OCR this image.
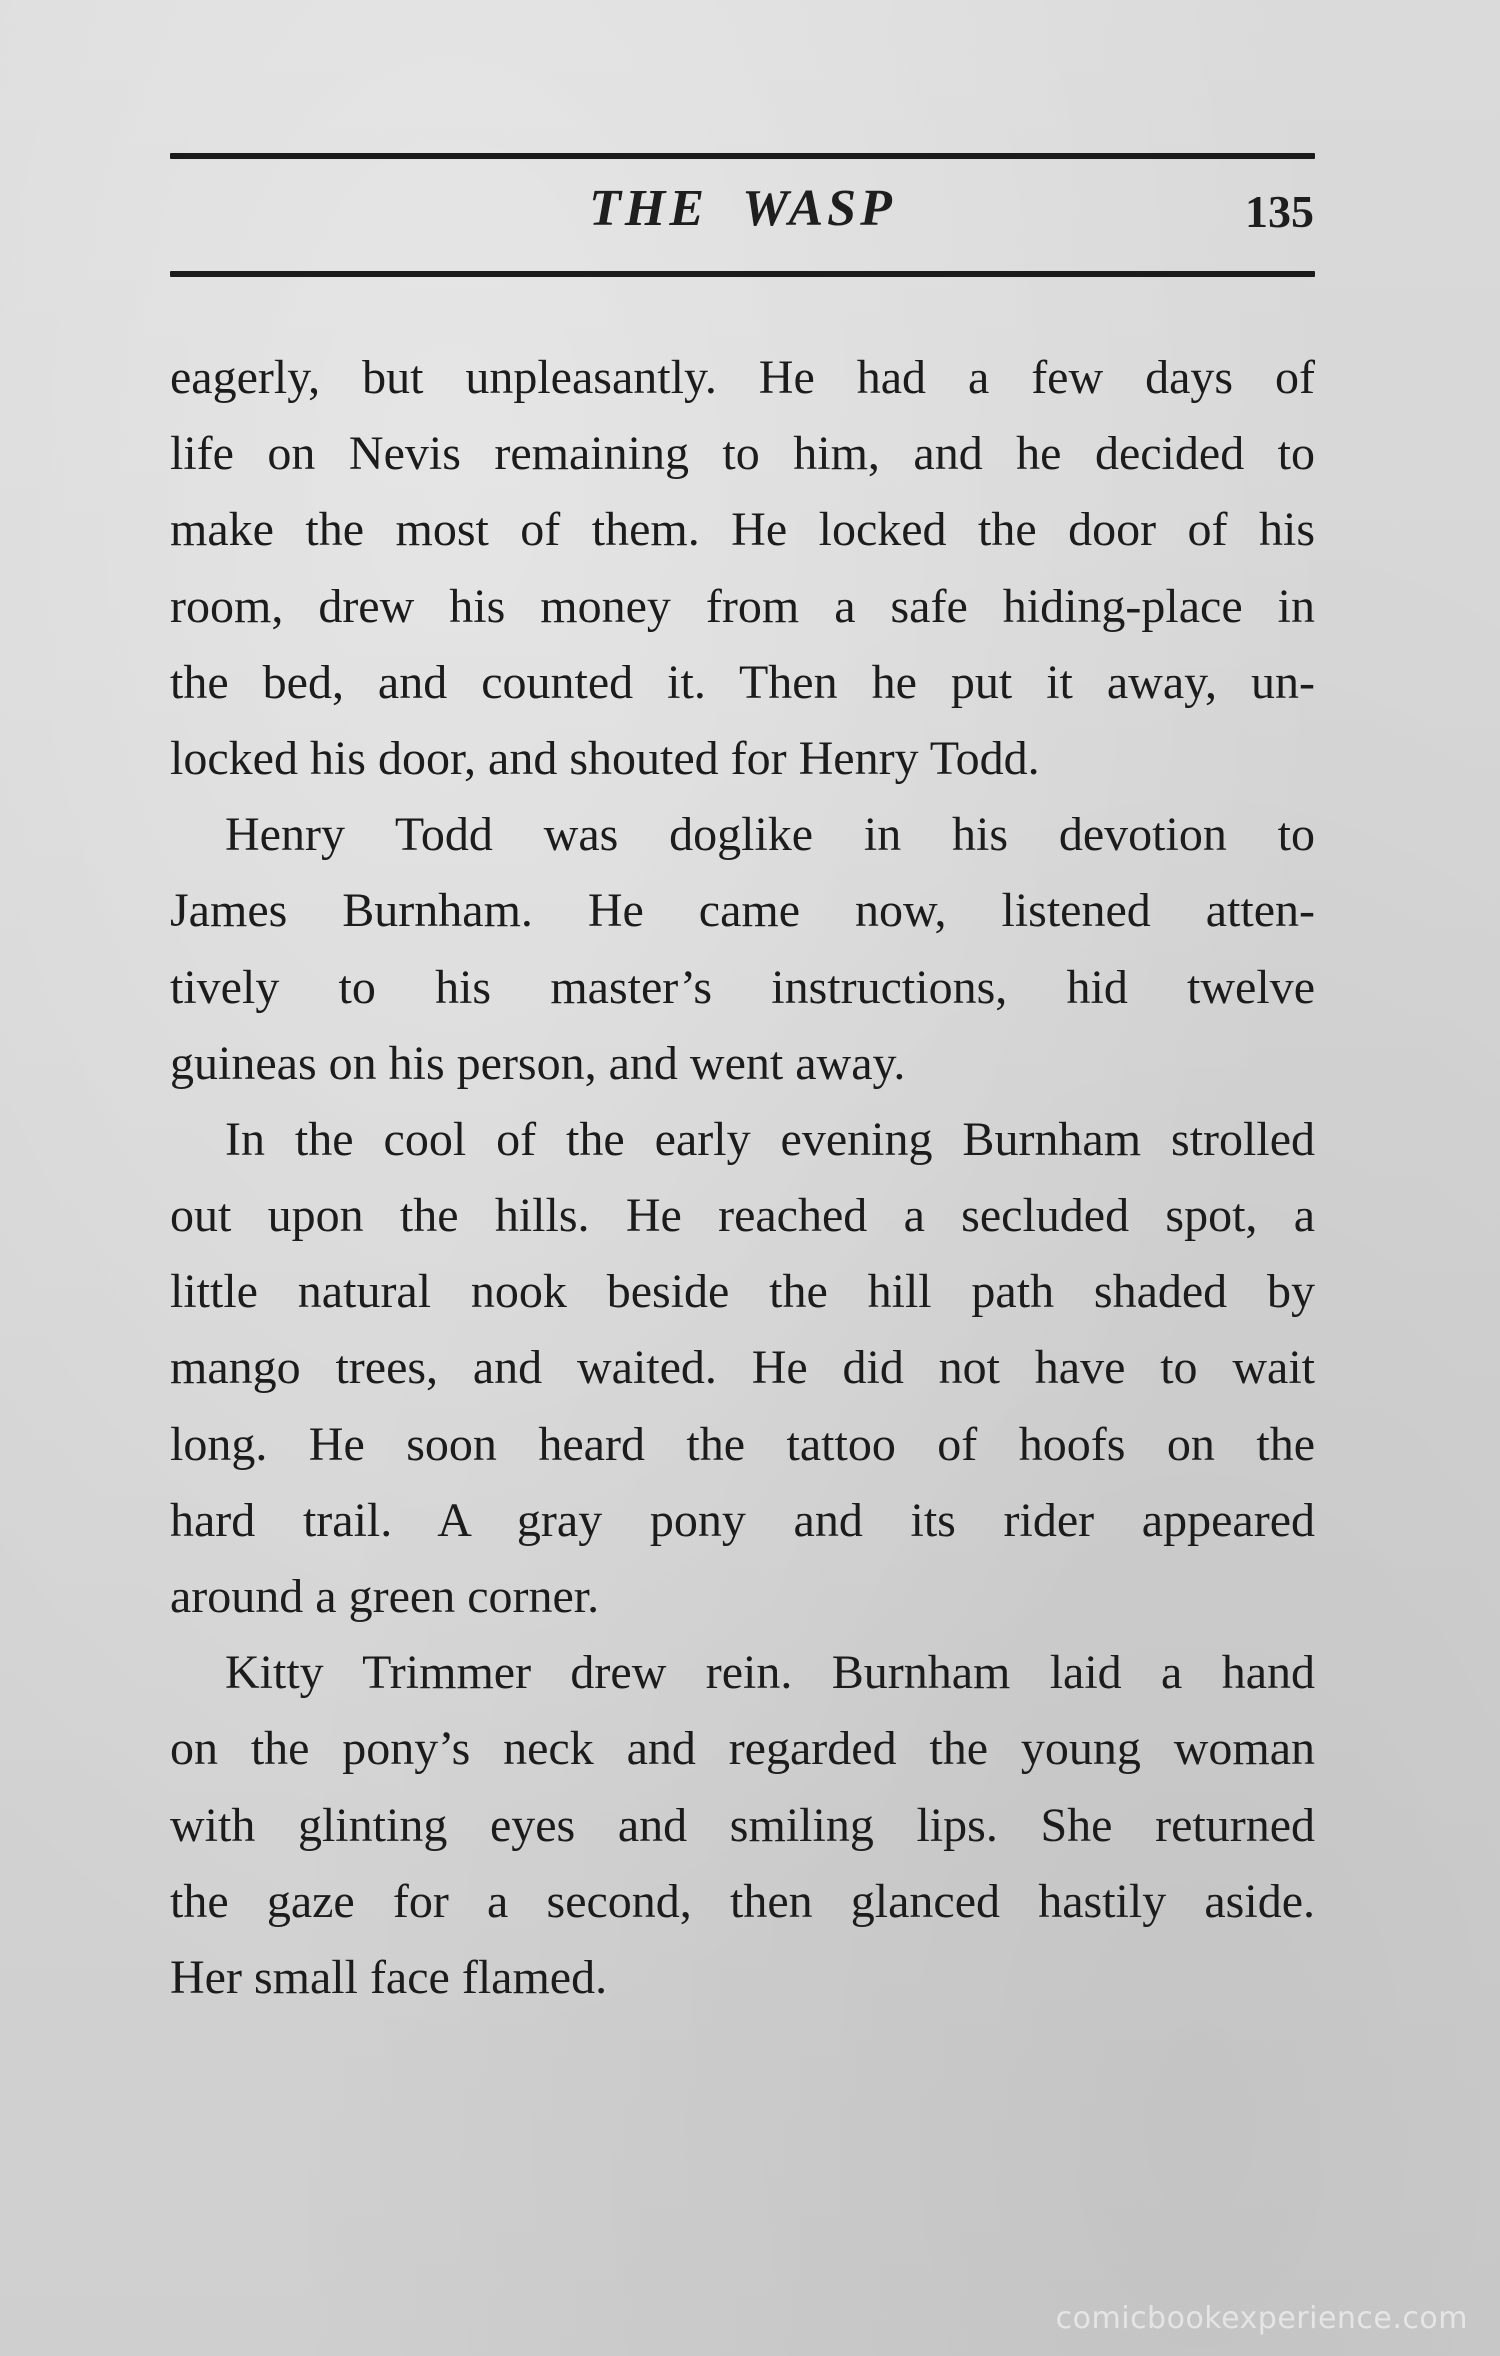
THE WASP	135
eagerly, but unpleasantly. He had a few days of
life on Nevis remaining to him, and he decided to
make the most of them. He locked the door of his
room, drew his money from a safe hiding-place in
the bed, and counted it. Then he put it away, un-
locked his door, and shouted for Henry Todd.
Henry Todd was doglike in his devotion to
James Burnham. He came now, listened atten-
tively to his master’s instructions, hid twelve
guineas on his person, and went away.
In the cool of the early evening Burnham strolled
out upon the hills. He reached a secluded spot, a
little natural nook beside the hill path shaded by
mango trees, and waited. He did not have to wait
long. He soon heard the tattoo of hoofs on the
hard trail. A gray pony and its rider appeared
around a green corner.
Kitty Trimmer drew rein. Burnham laid a hand
on the pony’s neck and regarded the young woman
with glinting eyes and smiling lips. She returned
the gaze for a second, then glanced hastily aside.
Her small face flamed.
comicbookexperience.com
